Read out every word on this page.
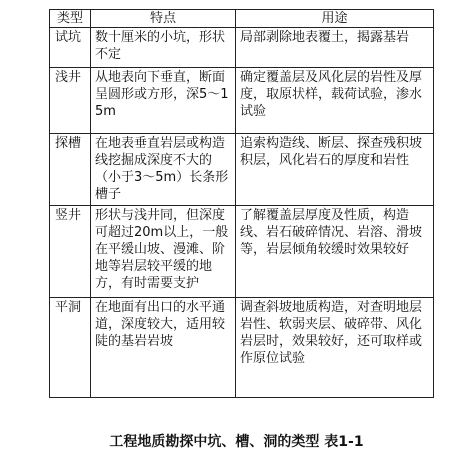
类型	特点	用途
试坑	数十厘米的小坑，形状不定	局部剥除地表覆土，揭露基岩
浅井	从地表向下垂直，断面呈圆形或方形，深5～15m	确定覆盖层及风化层的岩性及厚度，取原状样，载荷试验，渗水试验
探槽	在地表垂直岩层或构造线挖掘成深度不大的（小于3～5m）长条形槽子	追索构造线、断层、探查残积坡积层，风化岩石的厚度和岩性
竖井	形状与浅井同，但深度可超过20m以上，一般在平缓山坡、漫滩、阶地等岩层较平缓的地方，有时需要支护	了解覆盖层厚度及性质，构造线、岩石破碎情况、岩溶、滑坡等，岩层倾角较缓时效果较好
平洞	在地面有出口的水平通道，深度较大，适用较陡的基岩岩坡	调查斜坡地质构造，对查明地层岩性、软弱夹层、破碎带、风化岩层时，效果较好，还可取样或作原位试验
工程地质勘探中坑、槽、洞的类型 表1-1
